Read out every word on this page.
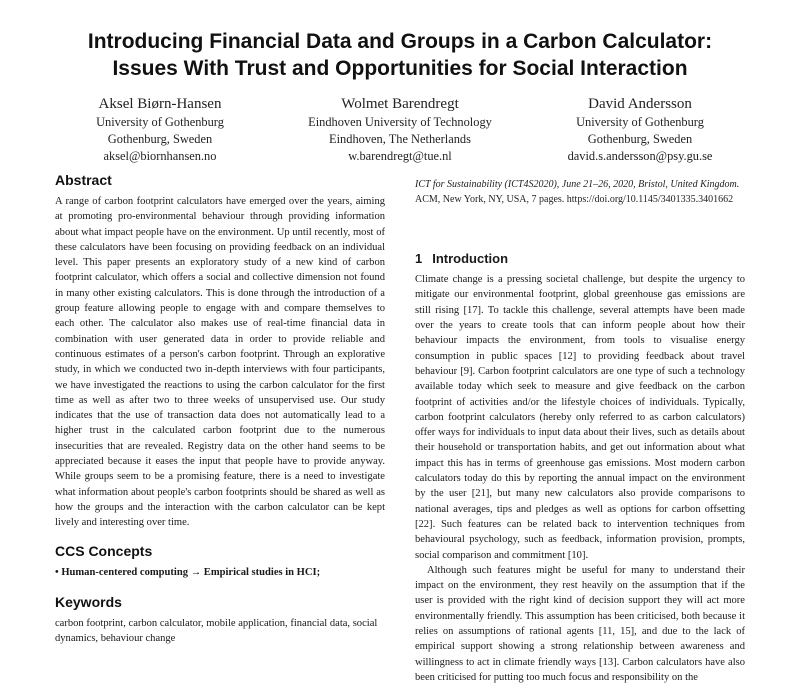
Introducing Financial Data and Groups in a Carbon Calculator:
Issues With Trust and Opportunities for Social Interaction
Aksel Biørn-Hansen
University of Gothenburg
Gothenburg, Sweden
aksel@biornhansen.no
Wolmet Barendregt
Eindhoven University of Technology
Eindhoven, The Netherlands
w.barendregt@tue.nl
David Andersson
University of Gothenburg
Gothenburg, Sweden
david.s.andersson@psy.gu.se
Abstract

A range of carbon footprint calculators have emerged over the years, aiming at promoting pro-environmental behaviour through providing information about what impact people have on the environment. Up until recently, most of these calculators have been focusing on providing feedback on an individual level. This paper presents an exploratory study of a new kind of carbon footprint calculator, which offers a social and collective dimension not found in many other existing calculators. This is done through the introduction of a group feature allowing people to engage with and compare themselves to each other. The calculator also makes use of real-time financial data in combination with user generated data in order to provide reliable and continuous estimates of a person's carbon footprint. Through an explorative study, in which we conducted two in-depth interviews with four participants, we have investigated the reactions to using the carbon calculator for the first time as well as after two to three weeks of unsupervised use. Our study indicates that the use of transaction data does not automatically lead to a higher trust in the calculated carbon footprint due to the numerous insecurities that are revealed. Registry data on the other hand seems to be appreciated because it eases the input that people have to provide anyway. While groups seem to be a promising feature, there is a need to investigate what information about people's carbon footprints should be shared as well as how the groups and the interaction with the carbon calculator can be kept lively and interesting over time.

CCS Concepts
• Human-centered computing → Empirical studies in HCI;
Keywords

carbon footprint, carbon calculator, mobile application, financial data, social dynamics, behaviour change

ICT for Sustainability (ICT4S2020), June 21–26, 2020, Bristol, United Kingdom.
ACM, New York, NY, USA, 7 pages. https://doi.org/10.1145/3401335.3401662
1 Introduction

Climate change is a pressing societal challenge, but despite the urgency to mitigate our environmental footprint, global greenhouse gas emissions are still rising [17]. To tackle this challenge, several attempts have been made over the years to create tools that can inform people about how their behaviour impacts the environment, from tools to visualise energy consumption in public spaces [12] to providing feedback about travel behaviour [9]. Carbon footprint calculators are one type of such a technology available today which seek to measure and give feedback on the carbon footprint of activities and/or the lifestyle choices of individuals. Typically, carbon footprint calculators (hereby only referred to as carbon calculators) offer ways for individuals to input data about their lives, such as details about their household or transportation habits, and get out information about what impact this has in terms of greenhouse gas emissions. Most modern carbon calculators today do this by reporting the annual impact on the environment by the user [21], but many new calculators also provide comparisons to national averages, tips and pledges as well as options for carbon offsetting [22]. Such features can be related back to intervention techniques from behavioural psychology, such as feedback, information provision, prompts, social comparison and commitment [10].

Although such features might be useful for many to understand their impact on the environment, they rest heavily on the assumption that if the user is provided with the right kind of decision support they will act more environmentally friendly. This assumption has been criticised, both because it relies on assumptions of rational agents [11, 15], and due to the lack of empirical support showing a strong relationship between awareness and willingness to act in climate friendly ways [13]. Carbon calculators have also been criticised for putting too much focus and responsibility on the
